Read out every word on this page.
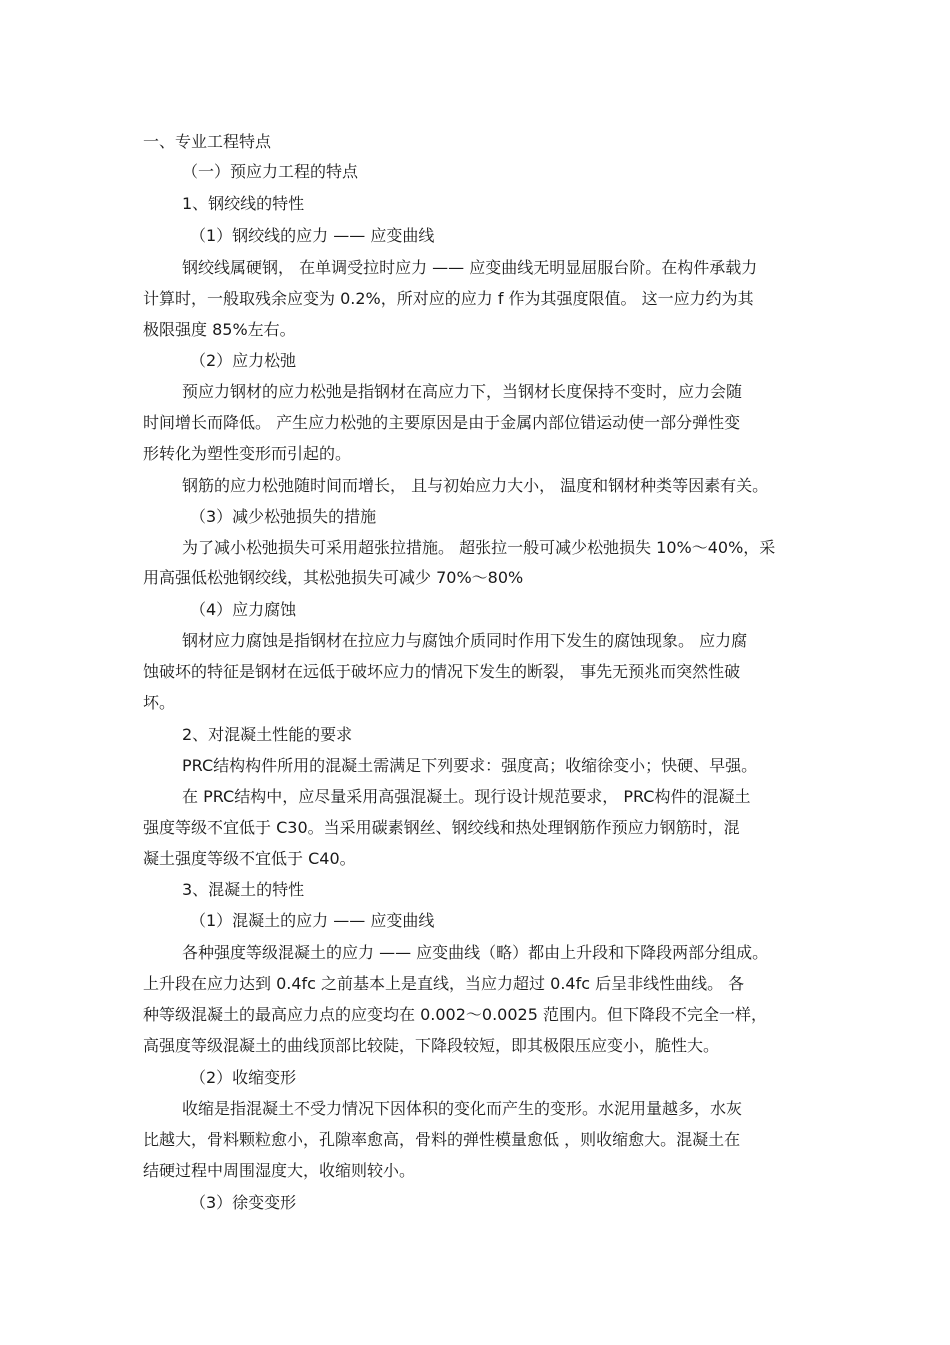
一、专业工程特点
（一）预应力工程的特点
1、钢绞线的特性
（1）钢绞线的应力 —— 应变曲线
钢绞线属硬钢， 在单调受拉时应力 —— 应变曲线无明显屈服台阶。在构件承载力
计算时，一般取残余应变为 0.2%，所对应的应力 f 作为其强度限值。 这一应力约为其
极限强度 85%左右。
（2）应力松弛
预应力钢材的应力松弛是指钢材在高应力下，当钢材长度保持不变时，应力会随
时间增长而降低。 产生应力松弛的主要原因是由于金属内部位错运动使一部分弹性变
形转化为塑性变形而引起的。
钢筋的应力松弛随时间而增长， 且与初始应力大小， 温度和钢材种类等因素有关。
（3）减少松弛损失的措施
为了减小松弛损失可采用超张拉措施。 超张拉一般可减少松弛损失 10%～40%，采
用高强低松弛钢绞线，其松弛损失可减少 70%～80%
（4）应力腐蚀
钢材应力腐蚀是指钢材在拉应力与腐蚀介质同时作用下发生的腐蚀现象。 应力腐
蚀破坏的特征是钢材在远低于破坏应力的情况下发生的断裂， 事先无预兆而突然性破
坏。
2、对混凝土性能的要求
PRC结构构件所用的混凝土需满足下列要求：强度高；收缩徐变小；快硬、早强。
在 PRC结构中，应尽量采用高强混凝土。现行设计规范要求， PRC构件的混凝土
强度等级不宜低于 C30。当采用碳素钢丝、钢绞线和热处理钢筋作预应力钢筋时，混
凝土强度等级不宜低于 C40。
3、混凝土的特性
（1）混凝土的应力 —— 应变曲线
各种强度等级混凝土的应力 —— 应变曲线（略）都由上升段和下降段两部分组成。
上升段在应力达到 0.4fc 之前基本上是直线，当应力超过 0.4fc 后呈非线性曲线。 各
种等级混凝土的最高应力点的应变均在 0.002～0.0025 范围内。但下降段不完全一样，
高强度等级混凝土的曲线顶部比较陡，下降段较短，即其极限压应变小，脆性大。
（2）收缩变形
收缩是指混凝土不受力情况下因体积的变化而产生的变形。水泥用量越多，水灰
比越大，骨料颗粒愈小，孔隙率愈高，骨料的弹性模量愈低 ，则收缩愈大。混凝土在
结硬过程中周围湿度大，收缩则较小。
（3）徐变变形
